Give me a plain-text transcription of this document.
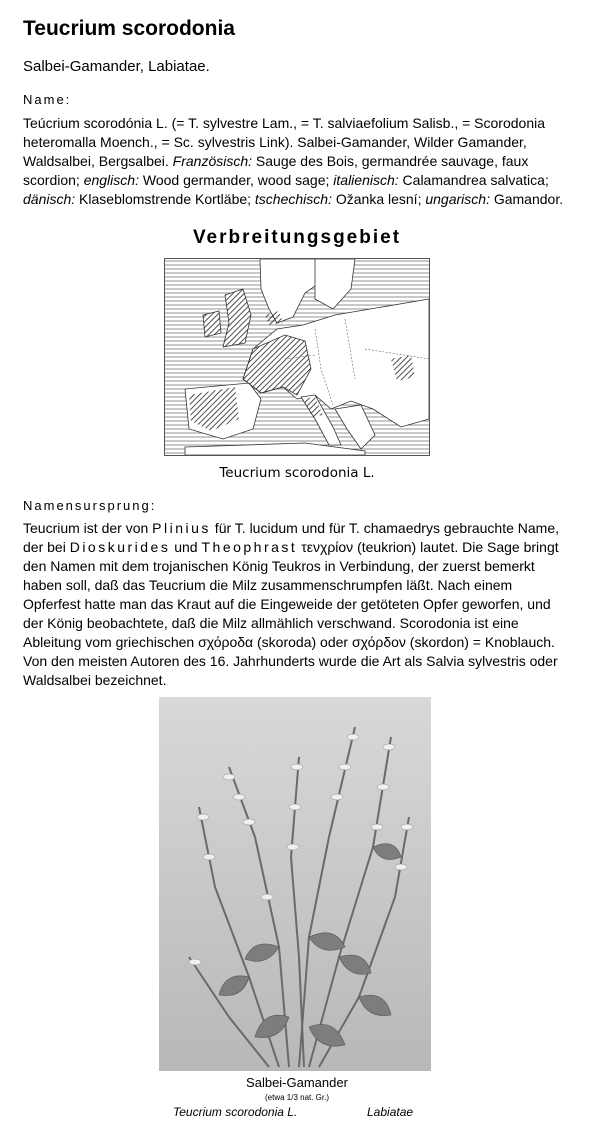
Teucrium scorodonia
Salbei-Gamander, Labiatae.
Name:
Teúcrium scorodónia L. (= T. sylvestre Lam., = T. salviaefolium Salisb., = Scorodonia
heteromalla Moench., = Sc. sylvestris Link). Salbei-Gamander, Wilder Gamander,
Waldsalbei, Bergsalbei. Französisch: Sauge des Bois, germandrée sauvage, faux
scordion; englisch: Wood germander, wood sage; italienisch: Calamandrea salvatica;
dänisch: Klaseblomstrende Kortläbe; tschechisch: Ožanka lesní; ungarisch: Gamandor.
Verbreitungsgebiet
Teucrium scorodonia L.
Namensursprung:
Teucrium ist der von Plinius für T. lucidum und für T. chamaedrys gebrauchte Name,
der bei Dioskurides und Theophrast τενχρίον (teukrion) lautet. Die Sage bringt
den Namen mit dem trojanischen König Teukros in Verbindung, der zuerst bemerkt
haben soll, daß das Teucrium die Milz zusammenschrumpfen läßt. Nach einem
Opferfest hatte man das Kraut auf die Eingeweide der getöteten Opfer geworfen, und
der König beobachtete, daß die Milz allmählich verschwand. Scorodonia ist eine
Ableitung vom griechischen σχόροδα (skoroda) oder σχόρδον (skordon) = Knoblauch.
Von den meisten Autoren des 16. Jahrhunderts wurde die Art als Salvia sylvestris oder
Waldsalbei bezeichnet.
Salbei-Gamander
(etwa 1/3 nat. Gr.)
Teucrium scorodonia L.	Labiatae
